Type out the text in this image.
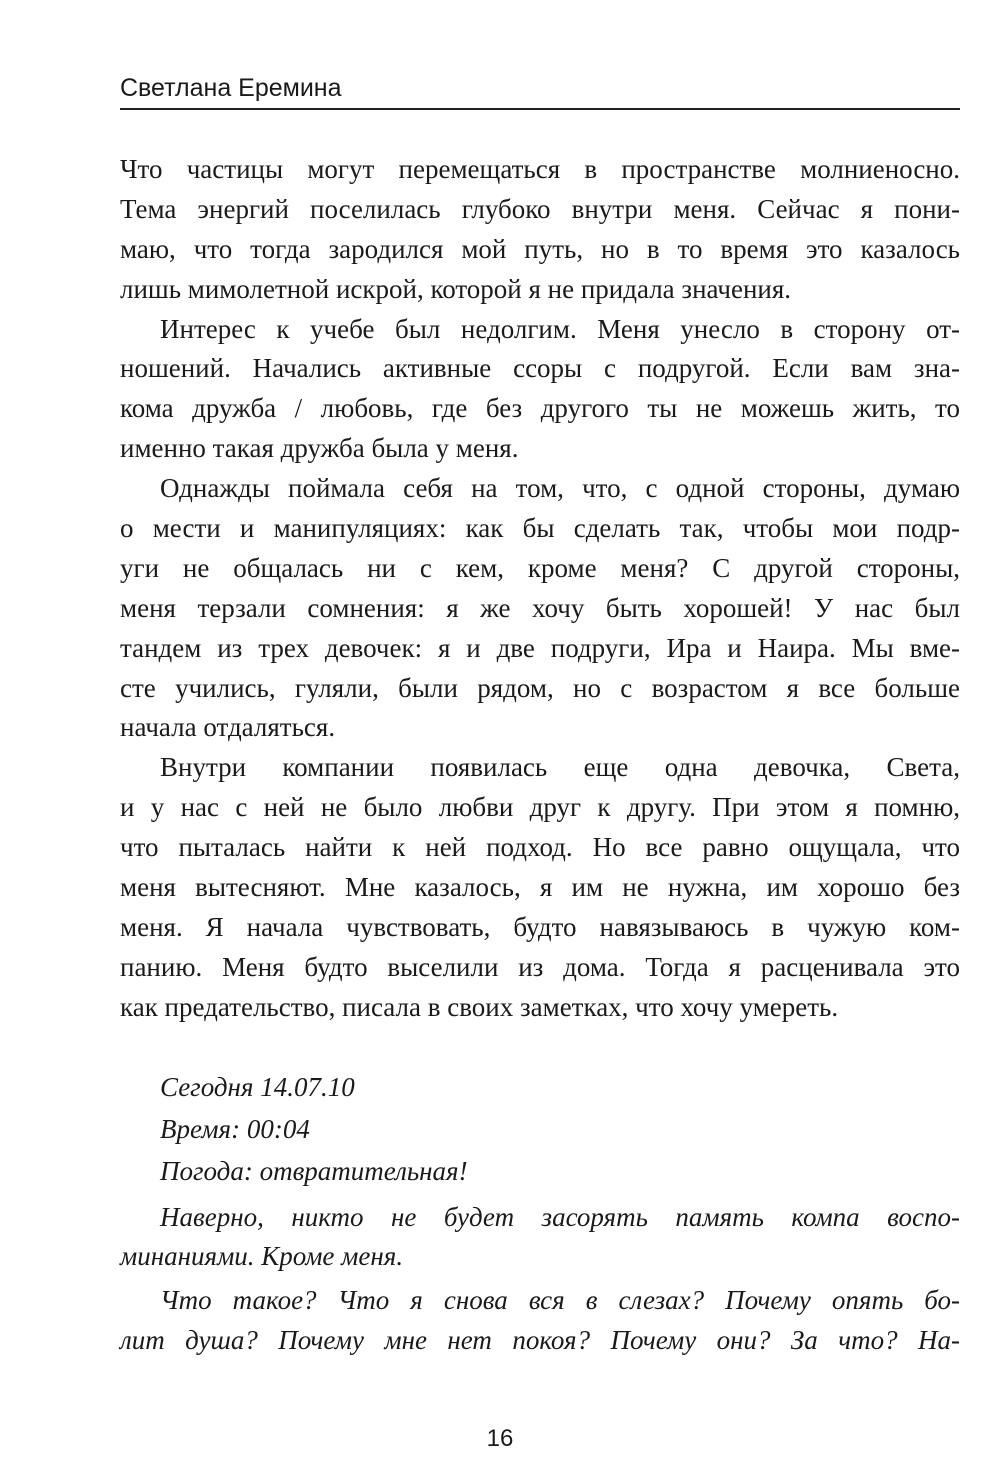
Светлана Еремина
Что частицы могут перемещаться в пространстве молниеносно.
Тема энергий поселилась глубоко внутри меня. Сейчас я пони-
маю, что тогда зародился мой путь, но в то время это казалось
лишь мимолетной искрой, которой я не придала значения.
Интерес к учебе был недолгим. Меня унесло в сторону от-
ношений. Начались активные ссоры с подругой. Если вам зна-
кома дружба / любовь, где без другого ты не можешь жить, то
именно такая дружба была у меня.
Однажды поймала себя на том, что, с одной стороны, думаю
о мести и манипуляциях: как бы сделать так, чтобы мои подр-
уги не общалась ни с кем, кроме меня? С другой стороны,
меня терзали сомнения: я же хочу быть хорошей! У нас был
тандем из трех девочек: я и две подруги, Ира и Наира. Мы вме-
сте учились, гуляли, были рядом, но с возрастом я все больше
начала отдаляться.
Внутри компании появилась еще одна девочка, Света,
и у нас с ней не было любви друг к другу. При этом я помню,
что пыталась найти к ней подход. Но все равно ощущала, что
меня вытесняют. Мне казалось, я им не нужна, им хорошо без
меня. Я начала чувствовать, будто навязываюсь в чужую ком-
панию. Меня будто выселили из дома. Тогда я расценивала это
как предательство, писала в своих заметках, что хочу умереть.
Сегодня 14.07.10
Время: 00:04
Погода: отвратительная!
Наверно, никто не будет засорять память компа воспо-
минаниями. Кроме меня.
Что такое? Что я снова вся в слезах? Почему опять бо-
лит душа? Почему мне нет покоя? Почему они? За что? На-
16
